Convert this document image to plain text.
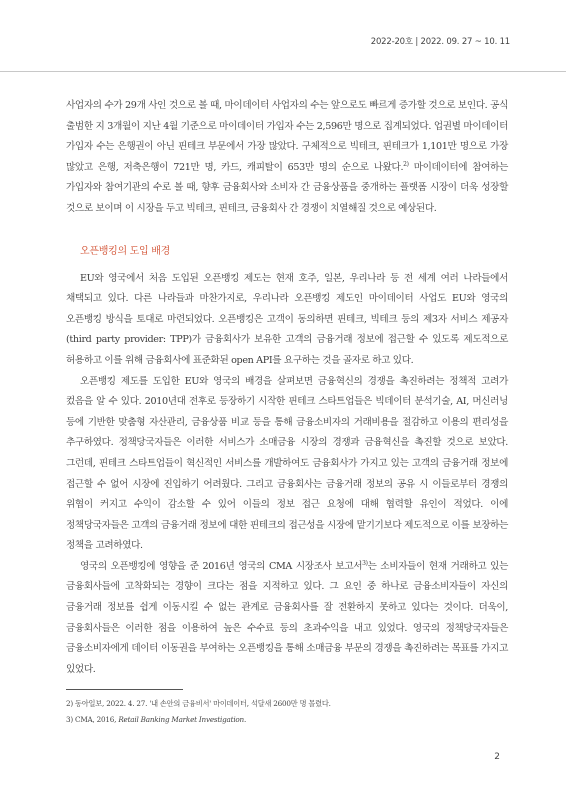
2022-20호 | 2022. 09. 27 ~ 10. 11

사업자의 수가 29개 사인 것으로 볼 때, 마이데이터 사업자의 수는 앞으로도 빠르게 증가할 것으로 보인다. 공식 출범한 지 3개월이 지난 4월 기준으로 마이데이터 가입자 수는 2,596만 명으로 집계되었다. 업권별 마이데이터 가입자 수는 은행권이 아닌 핀테크 부문에서 가장 많았다. 구체적으로 빅테크, 핀테크가 1,101만 명으로 가장 많았고 은행, 저축은행이 721만 명, 카드, 캐피탈이 653만 명의 순으로 나왔다.$^{2)}$ 마이데이터에 참여하는 가입자와 참여기관의 수로 볼 때, 향후 금융회사와 소비자 간 금융상품을 중개하는 플랫폼 시장이 더욱 성장할 것으로 보이며 이 시장을 두고 빅테크, 핀테크, 금융회사 간 경쟁이 치열해질 것으로 예상된다.

오픈뱅킹의 도입 배경

EU와 영국에서 처음 도입된 오픈뱅킹 제도는 현재 호주, 일본, 우리나라 등 전 세계 여러 나라들에서 채택되고 있다. 다른 나라들과 마찬가지로, 우리나라 오픈뱅킹 제도인 마이데이터 사업도 EU와 영국의 오픈뱅킹 방식을 토대로 마련되었다. 오픈뱅킹은 고객이 동의하면 핀테크, 빅테크 등의 제3자 서비스 제공자(third party provider: TPP)가 금융회사가 보유한 고객의 금융거래 정보에 접근할 수 있도록 제도적으로 허용하고 이를 위해 금융회사에 표준화된 open API를 요구하는 것을 골자로 하고 있다.

오픈뱅킹 제도를 도입한 EU와 영국의 배경을 살펴보면 금융혁신의 경쟁을 촉진하려는 정책적 고려가 컸음을 알 수 있다. 2010년대 전후로 등장하기 시작한 핀테크 스타트업들은 빅데이터 분석기술, AI, 머신러닝 등에 기반한 맞춤형 자산관리, 금융상품 비교 등을 통해 금융소비자의 거래비용을 절감하고 이용의 편리성을 추구하였다. 정책당국자들은 이러한 서비스가 소매금융 시장의 경쟁과 금융혁신을 촉진할 것으로 보았다. 그런데, 핀테크 스타트업들이 혁신적인 서비스를 개발하여도 금융회사가 가지고 있는 고객의 금융거래 정보에 접근할 수 없어 시장에 진입하기 어려웠다. 그리고 금융회사는 금융거래 정보의 공유 시 이들로부터 경쟁의 위협이 커지고 수익이 감소할 수 있어 이들의 정보 접근 요청에 대해 협력할 유인이 적었다. 이에 정책당국자들은 고객의 금융거래 정보에 대한 핀테크의 접근성을 시장에 맡기기보다 제도적으로 이를 보장하는 정책을 고려하였다.

영국의 오픈뱅킹에 영향을 준 2016년 영국의 CMA 시장조사 보고서$^{3)}$는 소비자들이 현재 거래하고 있는 금융회사들에 고착화되는 경향이 크다는 점을 지적하고 있다. 그 요인 중 하나로 금융소비자들이 자신의 금융거래 정보를 쉽게 이동시킬 수 없는 관계로 금융회사를 잘 전환하지 못하고 있다는 것이다. 더욱이, 금융회사들은 이러한 점을 이용하여 높은 수수료 등의 초과수익을 내고 있었다. 영국의 정책당국자들은 금융소비자에게 데이터 이동권을 부여하는 오픈뱅킹을 통해 소매금융 부문의 경쟁을 촉진하려는 목표를 가지고 있었다.

2) 동아일보, 2022. 4. 27. '내 손안의 금융비서' 마이데이터, 석달새 2600만 명 몰렸다.
3) CMA, 2016, Retail Banking Market Investigation.
2
